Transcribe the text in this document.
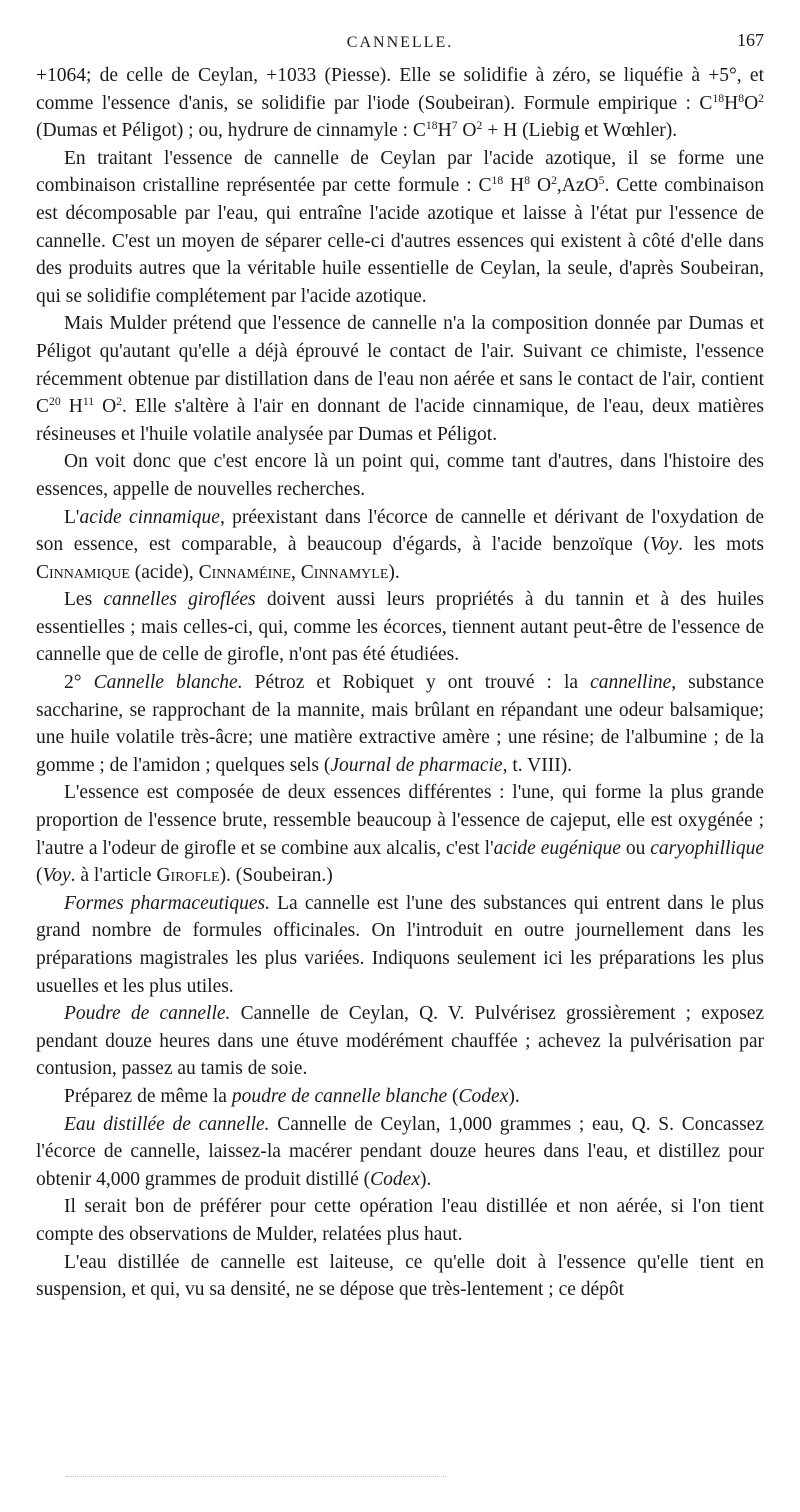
CANNELLE.	167

+1064; de celle de Ceylan, +1033 (Piesse). Elle se solidifie à zéro, se liquéfie à +5°, et comme l'essence d'anis, se solidifie par l'iode (Soubeiran). Formule empirique : $C^{18}H^8O^2$ (Dumas et Péligot) ; ou, hydrure de cinnamyle : $C^{18}H^7$ $O^2 + H$ (Liebig et Wœhler).

En traitant l'essence de cannelle de Ceylan par l'acide azotique, il se forme une combinaison cristalline représentée par cette formule : $C^{18}$ $H^8$ $O^2,AzO^5$. Cette combinaison est décomposable par l'eau, qui entraîne l'acide azotique et laisse à l'état pur l'essence de cannelle. C'est un moyen de séparer celle-ci d'autres essences qui existent à côté d'elle dans des produits autres que la véritable huile essentielle de Ceylan, la seule, d'après Soubeiran, qui se solidifie complétement par l'acide azotique.

Mais Mulder prétend que l'essence de cannelle n'a la composition donnée par Dumas et Péligot qu'autant qu'elle a déjà éprouvé le contact de l'air. Suivant ce chimiste, l'essence récemment obtenue par distillation dans de l'eau non aérée et sans le contact de l'air, contient $C^{20}$ $H^{11}$ $O^2$. Elle s'altère à l'air en donnant de l'acide cinnamique, de l'eau, deux matières résineuses et l'huile volatile analysée par Dumas et Péligot.

On voit donc que c'est encore là un point qui, comme tant d'autres, dans l'histoire des essences, appelle de nouvelles recherches.

L'acide cinnamique, préexistant dans l'écorce de cannelle et dérivant de l'oxydation de son essence, est comparable, à beaucoup d'égards, à l'acide benzoïque (Voy. les mots Cinnamique (acide), Cinnaméine, Cinnamyle).

Les cannelles giroflées doivent aussi leurs propriétés à du tannin et à des huiles essentielles ; mais celles-ci, qui, comme les écorces, tiennent autant peut-être de l'essence de cannelle que de celle de girofle, n'ont pas été étudiées.

2° Cannelle blanche. Pétroz et Robiquet y ont trouvé : la cannelline, substance saccharine, se rapprochant de la mannite, mais brûlant en répandant une odeur balsamique; une huile volatile très-âcre; une matière extractive amère ; une résine; de l'albumine ; de la gomme ; de l'amidon ; quelques sels (Journal de pharmacie, t. VIII).

L'essence est composée de deux essences différentes : l'une, qui forme la plus grande proportion de l'essence brute, ressemble beaucoup à l'essence de cajeput, elle est oxygénée ; l'autre a l'odeur de girofle et se combine aux alcalis, c'est l'acide eugénique ou caryophillique (Voy. à l'article Girofle). (Soubeiran.)

Formes pharmaceutiques. La cannelle est l'une des substances qui entrent dans le plus grand nombre de formules officinales. On l'introduit en outre journellement dans les préparations magistrales les plus variées. Indiquons seulement ici les préparations les plus usuelles et les plus utiles.

Poudre de cannelle. Cannelle de Ceylan, Q. V. Pulvérisez grossièrement ; exposez pendant douze heures dans une étuve modérément chauffée ; achevez la pulvérisation par contusion, passez au tamis de soie.

Préparez de même la poudre de cannelle blanche (Codex).

Eau distillée de cannelle. Cannelle de Ceylan, 1,000 grammes ; eau, Q. S. Concassez l'écorce de cannelle, laissez-la macérer pendant douze heures dans l'eau, et distillez pour obtenir 4,000 grammes de produit distillé (Codex).

Il serait bon de préférer pour cette opération l'eau distillée et non aérée, si l'on tient compte des observations de Mulder, relatées plus haut.

L'eau distillée de cannelle est laiteuse, ce qu'elle doit à l'essence qu'elle tient en suspension, et qui, vu sa densité, ne se dépose que très-lentement ; ce dépôt
